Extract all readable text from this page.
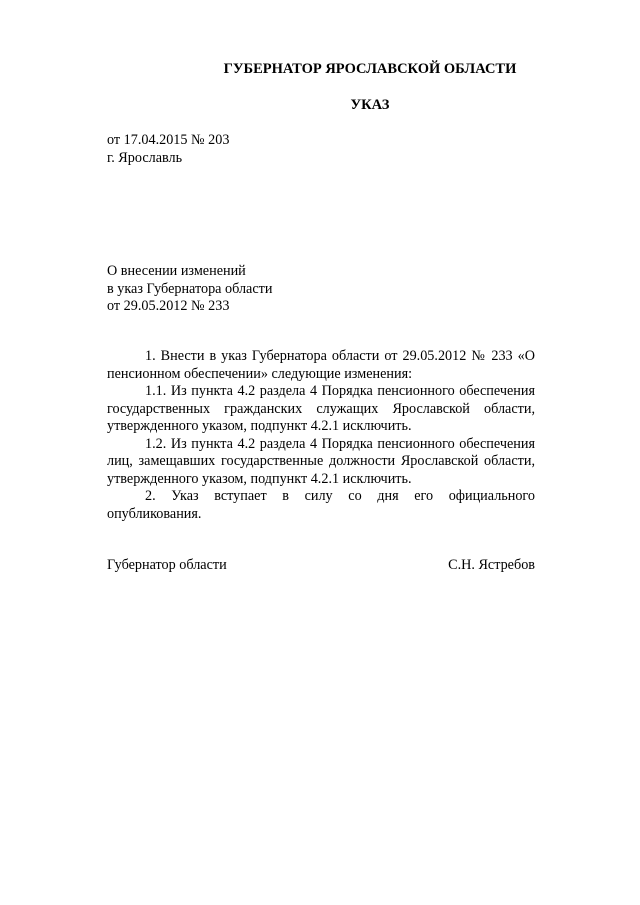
ГУБЕРНАТОР ЯРОСЛАВСКОЙ ОБЛАСТИ
УКАЗ
от 17.04.2015 № 203
г. Ярославль
О внесении изменений
в указ Губернатора области
от 29.05.2012 № 233

1. Внести в указ Губернатора области от 29.05.2012 № 233 «О пенсионном обеспечении» следующие изменения:

1.1. Из пункта 4.2 раздела 4 Порядка пенсионного обеспечения государственных гражданских служащих Ярославской области, утвержденного указом, подпункт 4.2.1 исключить.

1.2. Из пункта 4.2 раздела 4 Порядка пенсионного обеспечения лиц, замещавших государственные должности Ярославской области, утвержденного указом, подпункт 4.2.1 исключить.

2. Указ вступает в силу со дня его официального опубликования.

Губернатор области	С.Н. Ястребов
